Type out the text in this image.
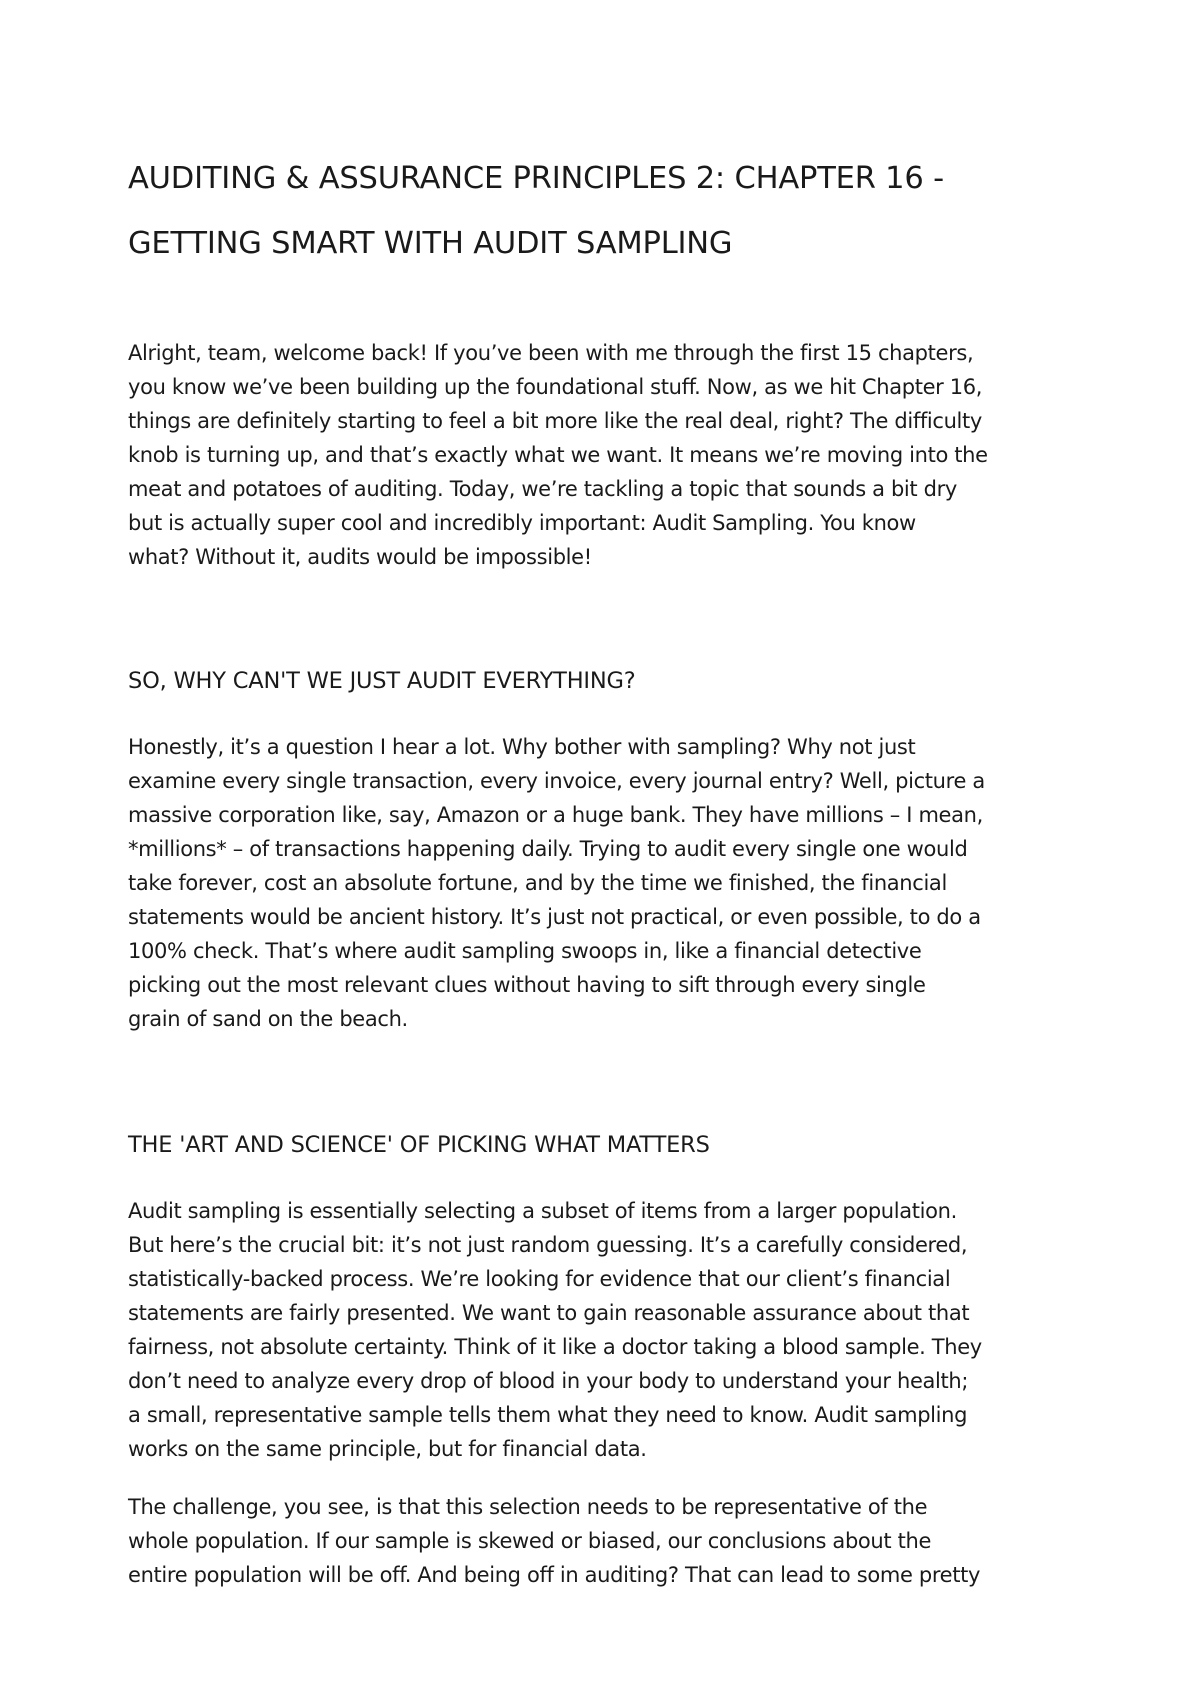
AUDITING & ASSURANCE PRINCIPLES 2: CHAPTER 16 -
GETTING SMART WITH AUDIT SAMPLING

Alright, team, welcome back! If you’ve been with me through the first 15 chapters,
you know we’ve been building up the foundational stuff. Now, as we hit Chapter 16,
things are definitely starting to feel a bit more like the real deal, right? The difficulty
knob is turning up, and that’s exactly what we want. It means we’re moving into the
meat and potatoes of auditing. Today, we’re tackling a topic that sounds a bit dry
but is actually super cool and incredibly important: Audit Sampling. You know
what? Without it, audits would be impossible!

SO, WHY CAN'T WE JUST AUDIT EVERYTHING?

Honestly, it’s a question I hear a lot. Why bother with sampling? Why not just
examine every single transaction, every invoice, every journal entry? Well, picture a
massive corporation like, say, Amazon or a huge bank. They have millions – I mean,
*millions* – of transactions happening daily. Trying to audit every single one would
take forever, cost an absolute fortune, and by the time we finished, the financial
statements would be ancient history. It’s just not practical, or even possible, to do a
100% check. That’s where audit sampling swoops in, like a financial detective
picking out the most relevant clues without having to sift through every single
grain of sand on the beach.

THE 'ART AND SCIENCE' OF PICKING WHAT MATTERS

Audit sampling is essentially selecting a subset of items from a larger population.
But here’s the crucial bit: it’s not just random guessing. It’s a carefully considered,
statistically-backed process. We’re looking for evidence that our client’s financial
statements are fairly presented. We want to gain reasonable assurance about that
fairness, not absolute certainty. Think of it like a doctor taking a blood sample. They
don’t need to analyze every drop of blood in your body to understand your health;
a small, representative sample tells them what they need to know. Audit sampling
works on the same principle, but for financial data.

The challenge, you see, is that this selection needs to be representative of the
whole population. If our sample is skewed or biased, our conclusions about the
entire population will be off. And being off in auditing? That can lead to some pretty
